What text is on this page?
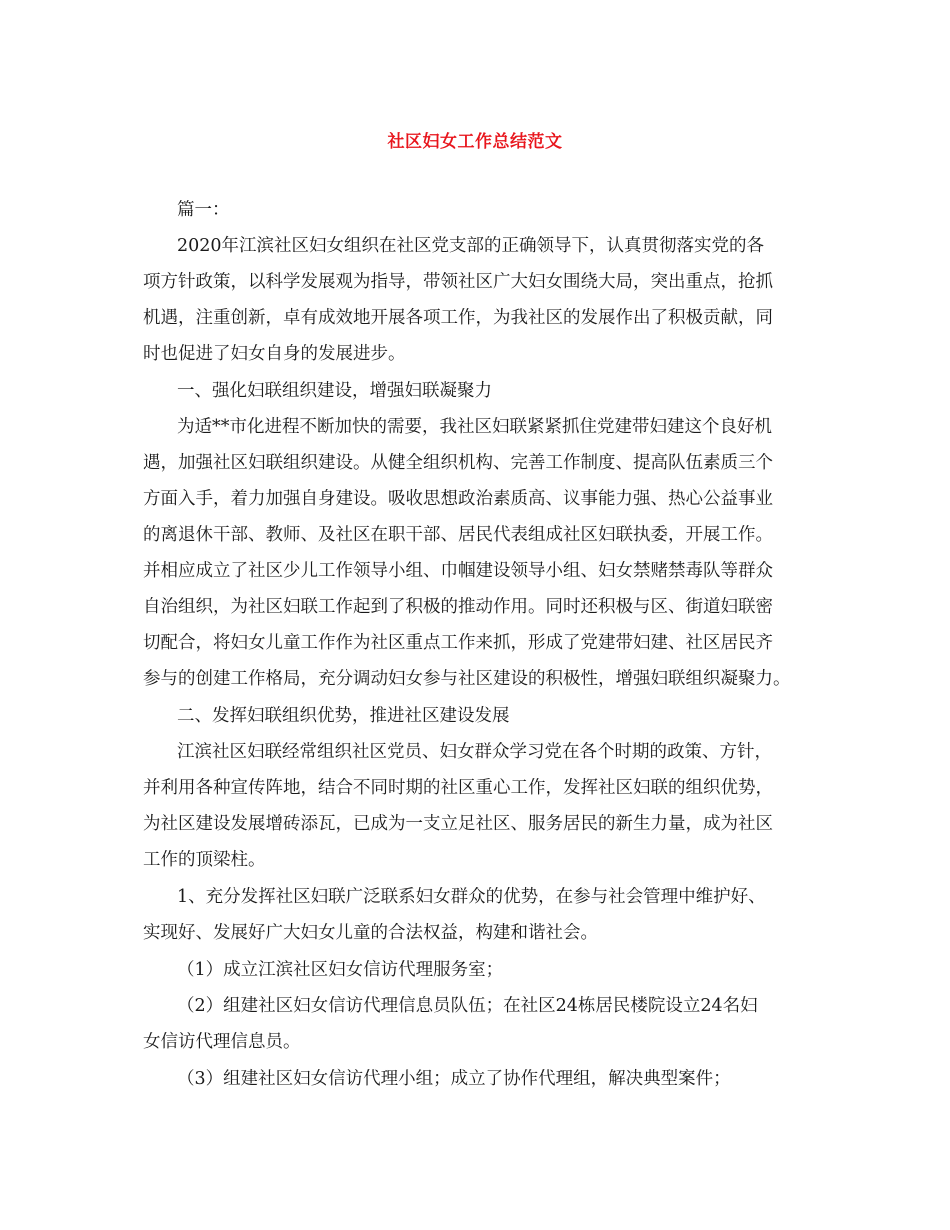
社区妇女工作总结范文
篇一：
2020年江滨社区妇女组织在社区党支部的正确领导下，认真贯彻落实党的各
项方针政策，以科学发展观为指导，带领社区广大妇女围绕大局，突出重点，抢抓
机遇，注重创新，卓有成效地开展各项工作，为我社区的发展作出了积极贡献，同
时也促进了妇女自身的发展进步。
一、强化妇联组织建设，增强妇联凝聚力
为适**市化进程不断加快的需要，我社区妇联紧紧抓住党建带妇建这个良好机
遇，加强社区妇联组织建设。从健全组织机构、完善工作制度、提高队伍素质三个
方面入手，着力加强自身建设。吸收思想政治素质高、议事能力强、热心公益事业
的离退休干部、教师、及社区在职干部、居民代表组成社区妇联执委，开展工作。
并相应成立了社区少儿工作领导小组、巾帼建设领导小组、妇女禁赌禁毒队等群众
自治组织，为社区妇联工作起到了积极的推动作用。同时还积极与区、街道妇联密
切配合，将妇女儿童工作作为社区重点工作来抓，形成了党建带妇建、社区居民齐
参与的创建工作格局，充分调动妇女参与社区建设的积极性，增强妇联组织凝聚力。
二、发挥妇联组织优势，推进社区建设发展
江滨社区妇联经常组织社区党员、妇女群众学习党在各个时期的政策、方针，
并利用各种宣传阵地，结合不同时期的社区重心工作，发挥社区妇联的组织优势，
为社区建设发展增砖添瓦，已成为一支立足社区、服务居民的新生力量，成为社区
工作的顶梁柱。
1、充分发挥社区妇联广泛联系妇女群众的优势，在参与社会管理中维护好、
实现好、发展好广大妇女儿童的合法权益，构建和谐社会。
（1）成立江滨社区妇女信访代理服务室；
（2）组建社区妇女信访代理信息员队伍；在社区24栋居民楼院设立24名妇
女信访代理信息员。
（3）组建社区妇女信访代理小组；成立了协作代理组，解决典型案件；
